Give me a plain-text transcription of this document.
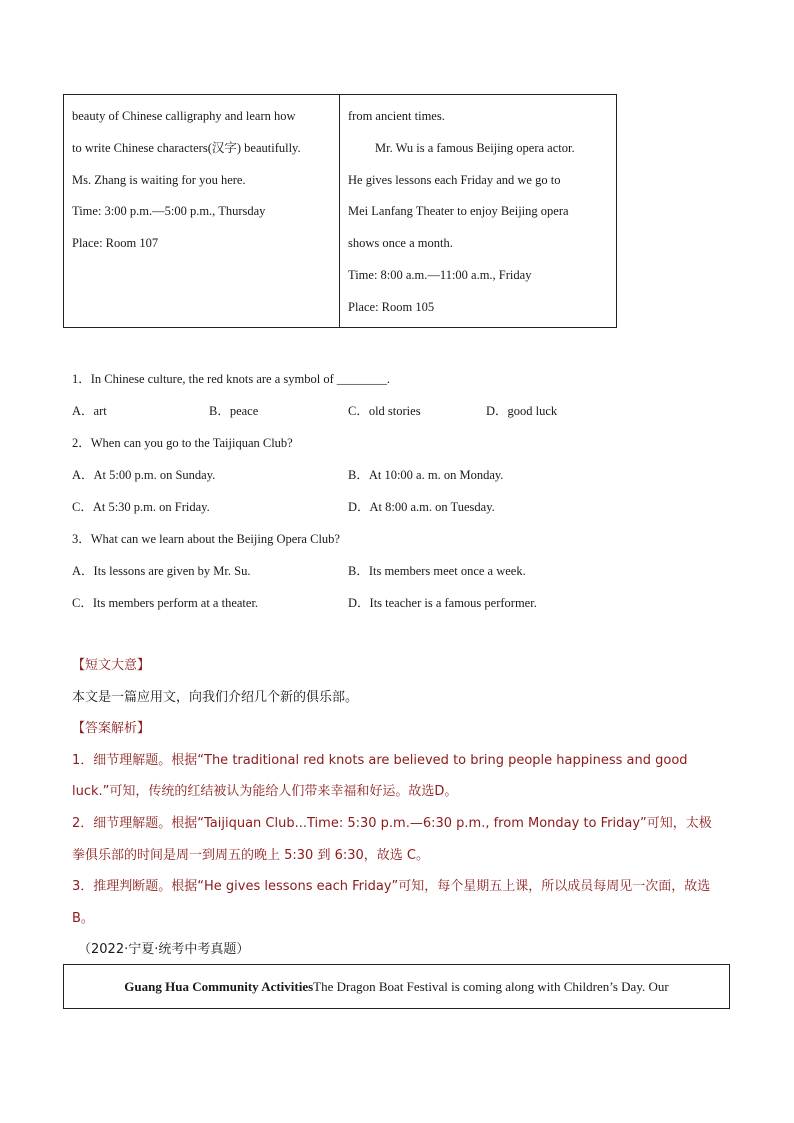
beauty of Chinese calligraphy and learn how
to write Chinese characters(汉字) beautifully.
Ms. Zhang is waiting for you here.
Time: 3:00 p.m.—5:00 p.m., Thursday
Place: Room 107
from ancient times.
Mr. Wu is a famous Beijing opera actor.
He gives lessons each Friday and we go to
Mei Lanfang Theater to enjoy Beijing opera
shows once a month.
Time: 8:00 a.m.—11:00 a.m., Friday
Place: Room 105
1．In Chinese culture, the red knots are a symbol of ________.
A．art	B．peace	C．old stories	D．good luck
2．When can you go to the Taijiquan Club?
A．At 5:00 p.m. on Sunday.	B．At 10:00 a. m. on Monday.
C．At 5:30 p.m. on Friday.	D．At 8:00 a.m. on Tuesday.
3．What can we learn about the Beijing Opera Club?
A．Its lessons are given by Mr. Su.	B．Its members meet once a week.
C．Its members perform at a theater.	D．Its teacher is a famous performer.

【短文大意】

本文是一篇应用文，向我们介绍几个新的俱乐部。

【答案解析】

1．细节理解题。根据“The traditional red knots are believed to bring people happiness and good luck.”可知，传统的红结被认为能给人们带来幸福和好运。故选D。

2．细节理解题。根据“Taijiquan Club...Time: 5:30 p.m.—6:30 p.m., from Monday to Friday”可知，太极拳俱乐部的时间是周一到周五的晚上 5:30 到 6:30，故选 C。

3．推理判断题。根据“He gives lessons each Friday”可知，每个星期五上课，所以成员每周见一次面，故选B。

（2022·宁夏·统考中考真题）
Guang Hua Community Activities The Dragon Boat Festival is coming along with Children’s Day. Our
